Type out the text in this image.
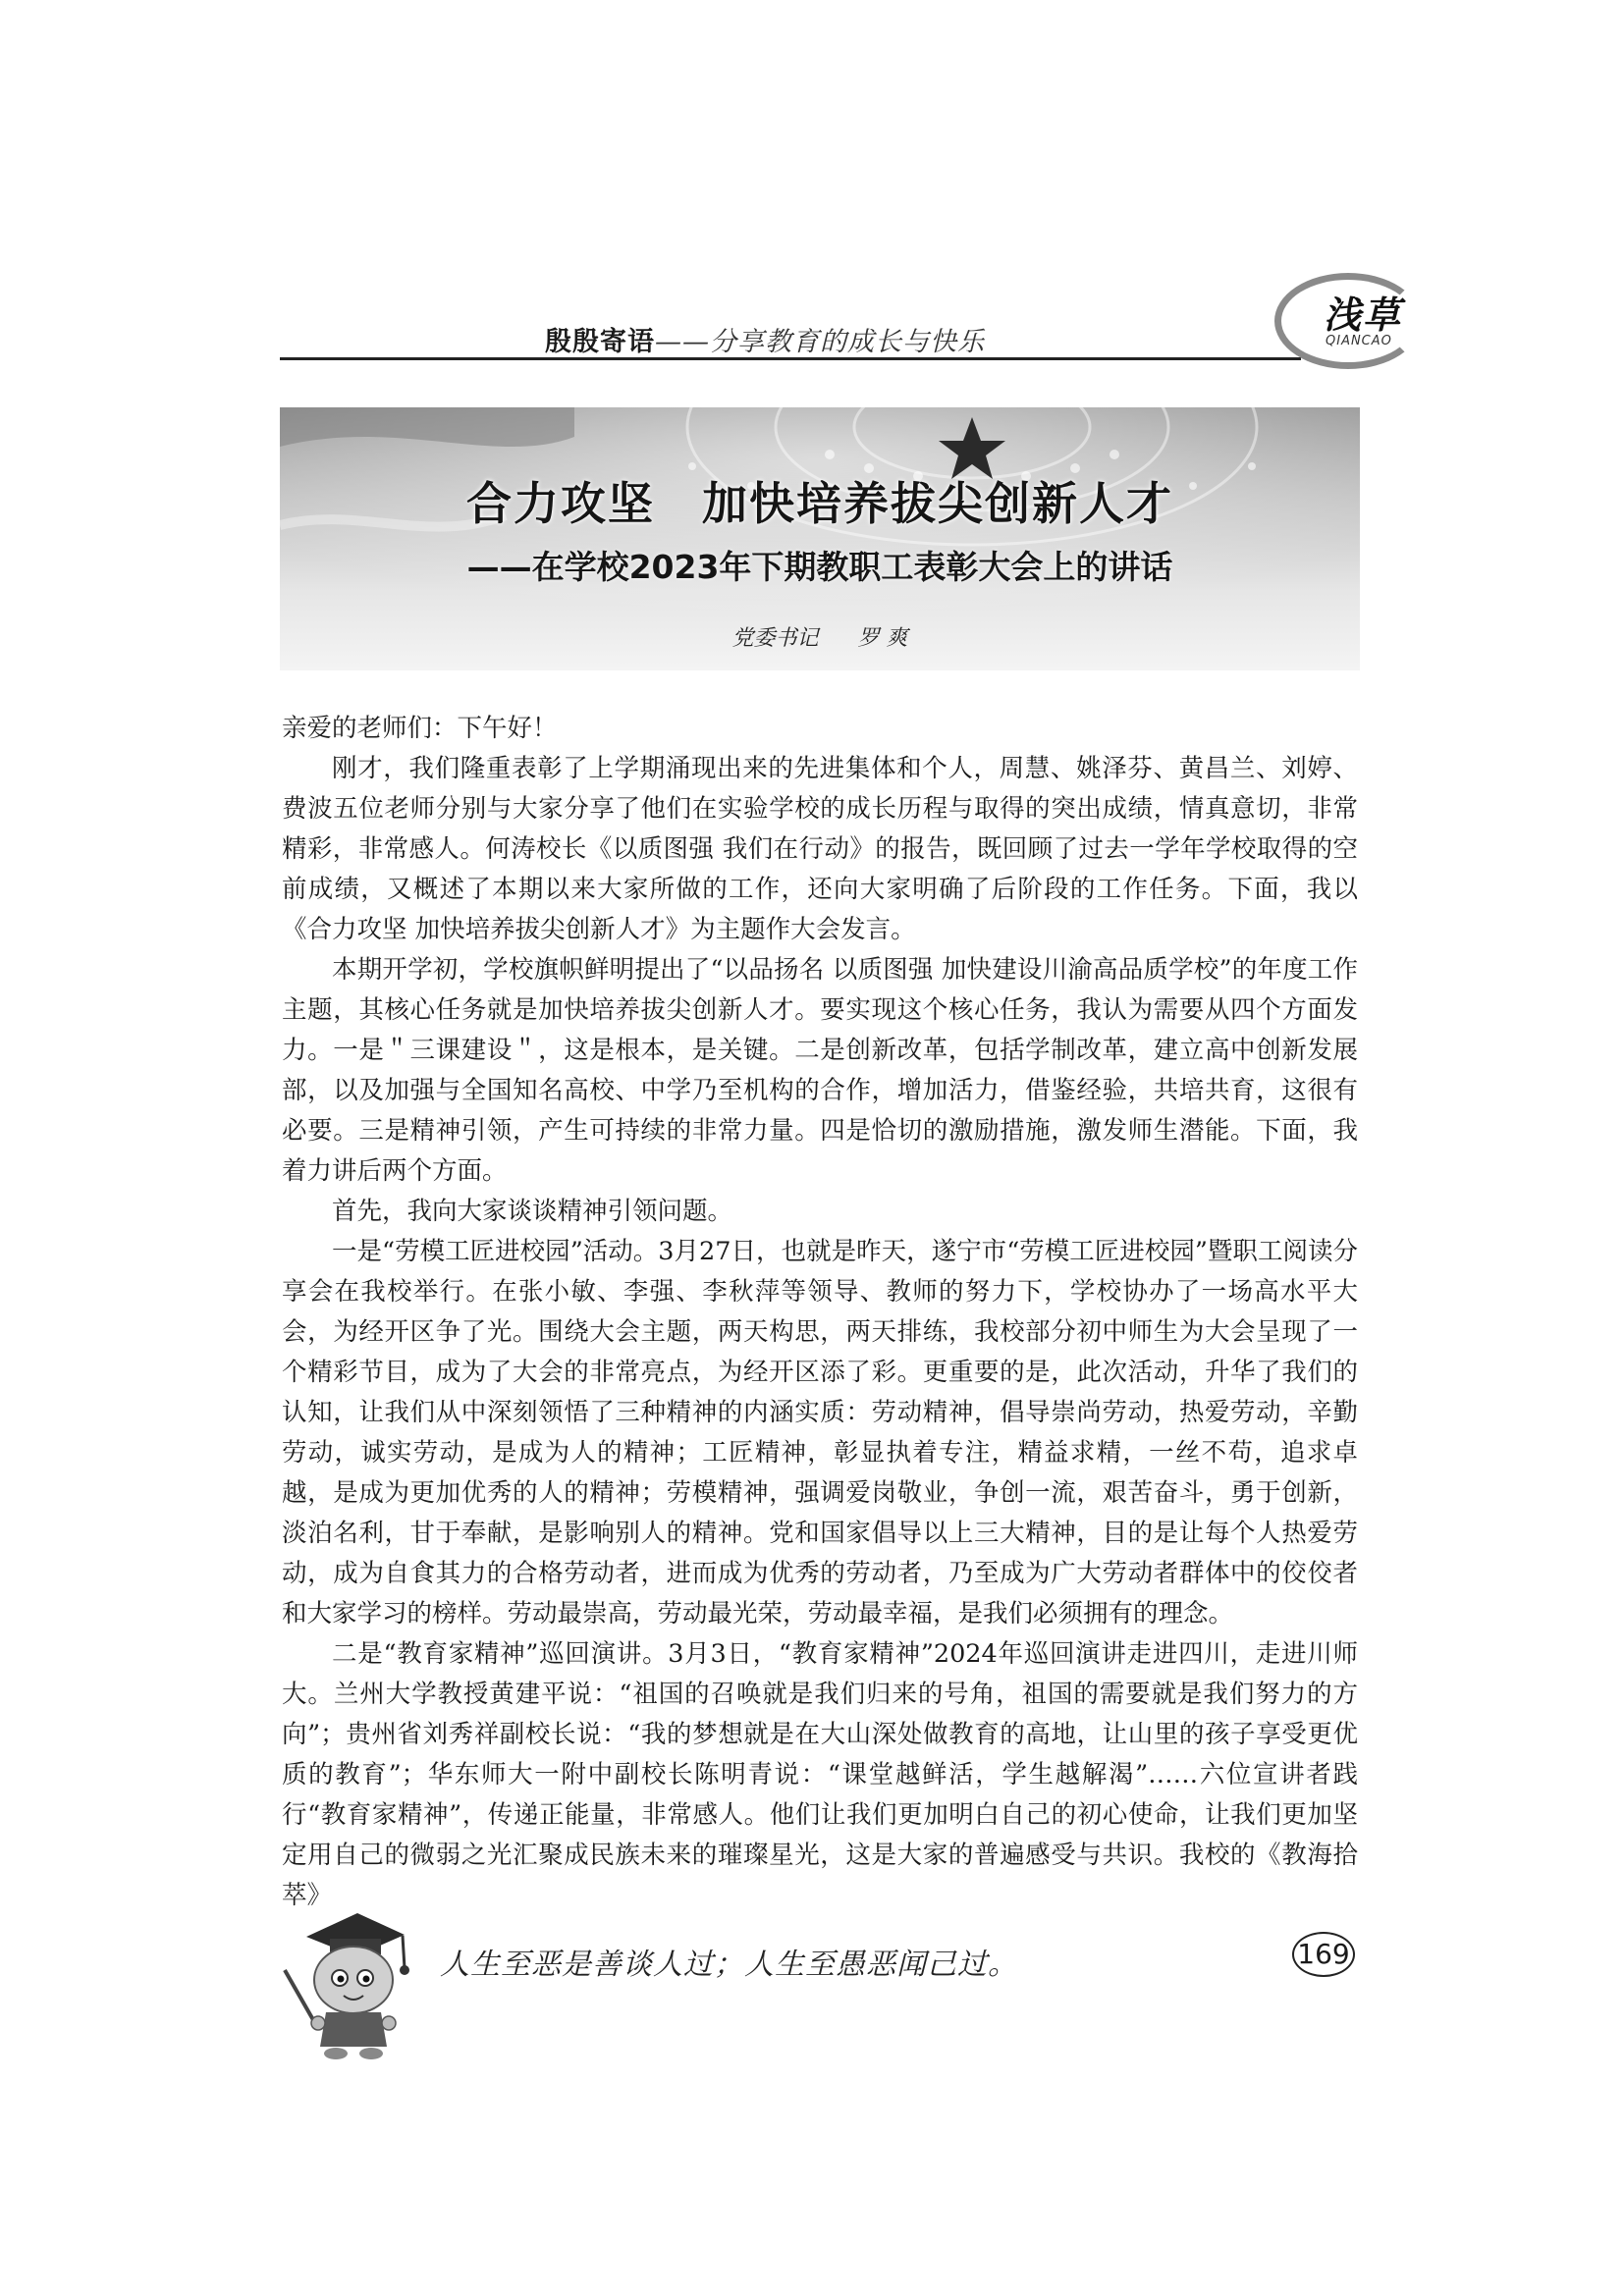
殷殷寄语——分享教育的成长与快乐
浅草
QIANCAO
合力攻坚　加快培养拔尖创新人才
——在学校2023年下期教职工表彰大会上的讲话
党委书记 罗 爽

亲爱的老师们：下午好！

刚才，我们隆重表彰了上学期涌现出来的先进集体和个人，周慧、姚泽芬、黄昌兰、刘婷、费波五位老师分别与大家分享了他们在实验学校的成长历程与取得的突出成绩，情真意切，非常精彩，非常感人。何涛校长《以质图强 我们在行动》的报告，既回顾了过去一学年学校取得的空前成绩，又概述了本期以来大家所做的工作，还向大家明确了后阶段的工作任务。下面，我以《合力攻坚 加快培养拔尖创新人才》为主题作大会发言。

本期开学初，学校旗帜鲜明提出了“以品扬名 以质图强 加快建设川渝高品质学校”的年度工作主题，其核心任务就是加快培养拔尖创新人才。要实现这个核心任务，我认为需要从四个方面发力。一是＂三课建设＂，这是根本，是关键。二是创新改革，包括学制改革，建立高中创新发展部，以及加强与全国知名高校、中学乃至机构的合作，增加活力，借鉴经验，共培共育，这很有必要。三是精神引领，产生可持续的非常力量。四是恰切的激励措施，激发师生潜能。下面，我着力讲后两个方面。

首先，我向大家谈谈精神引领问题。

一是“劳模工匠进校园”活动。3月27日，也就是昨天，遂宁市“劳模工匠进校园”暨职工阅读分享会在我校举行。在张小敏、李强、李秋萍等领导、教师的努力下，学校协办了一场高水平大会，为经开区争了光。围绕大会主题，两天构思，两天排练，我校部分初中师生为大会呈现了一个精彩节目，成为了大会的非常亮点，为经开区添了彩。更重要的是，此次活动，升华了我们的认知，让我们从中深刻领悟了三种精神的内涵实质：劳动精神，倡导崇尚劳动，热爱劳动，辛勤劳动，诚实劳动，是成为人的精神；工匠精神，彰显执着专注，精益求精，一丝不苟，追求卓越，是成为更加优秀的人的精神；劳模精神，强调爱岗敬业，争创一流，艰苦奋斗，勇于创新，淡泊名利，甘于奉献，是影响别人的精神。党和国家倡导以上三大精神，目的是让每个人热爱劳动，成为自食其力的合格劳动者，进而成为优秀的劳动者，乃至成为广大劳动者群体中的佼佼者和大家学习的榜样。劳动最崇高，劳动最光荣，劳动最幸福，是我们必须拥有的理念。

二是“教育家精神”巡回演讲。3月3日，“教育家精神”2024年巡回演讲走进四川，走进川师大。兰州大学教授黄建平说：“祖国的召唤就是我们归来的号角，祖国的需要就是我们努力的方向”；贵州省刘秀祥副校长说：“我的梦想就是在大山深处做教育的高地，让山里的孩子享受更优质的教育”；华东师大一附中副校长陈明青说：“课堂越鲜活，学生越解渴”……六位宣讲者践行“教育家精神”，传递正能量，非常感人。他们让我们更加明白自己的初心使命，让我们更加坚定用自己的微弱之光汇聚成民族未来的璀璨星光，这是大家的普遍感受与共识。我校的《教海拾萃》

人生至恶是善谈人过；人生至愚恶闻己过。	169
